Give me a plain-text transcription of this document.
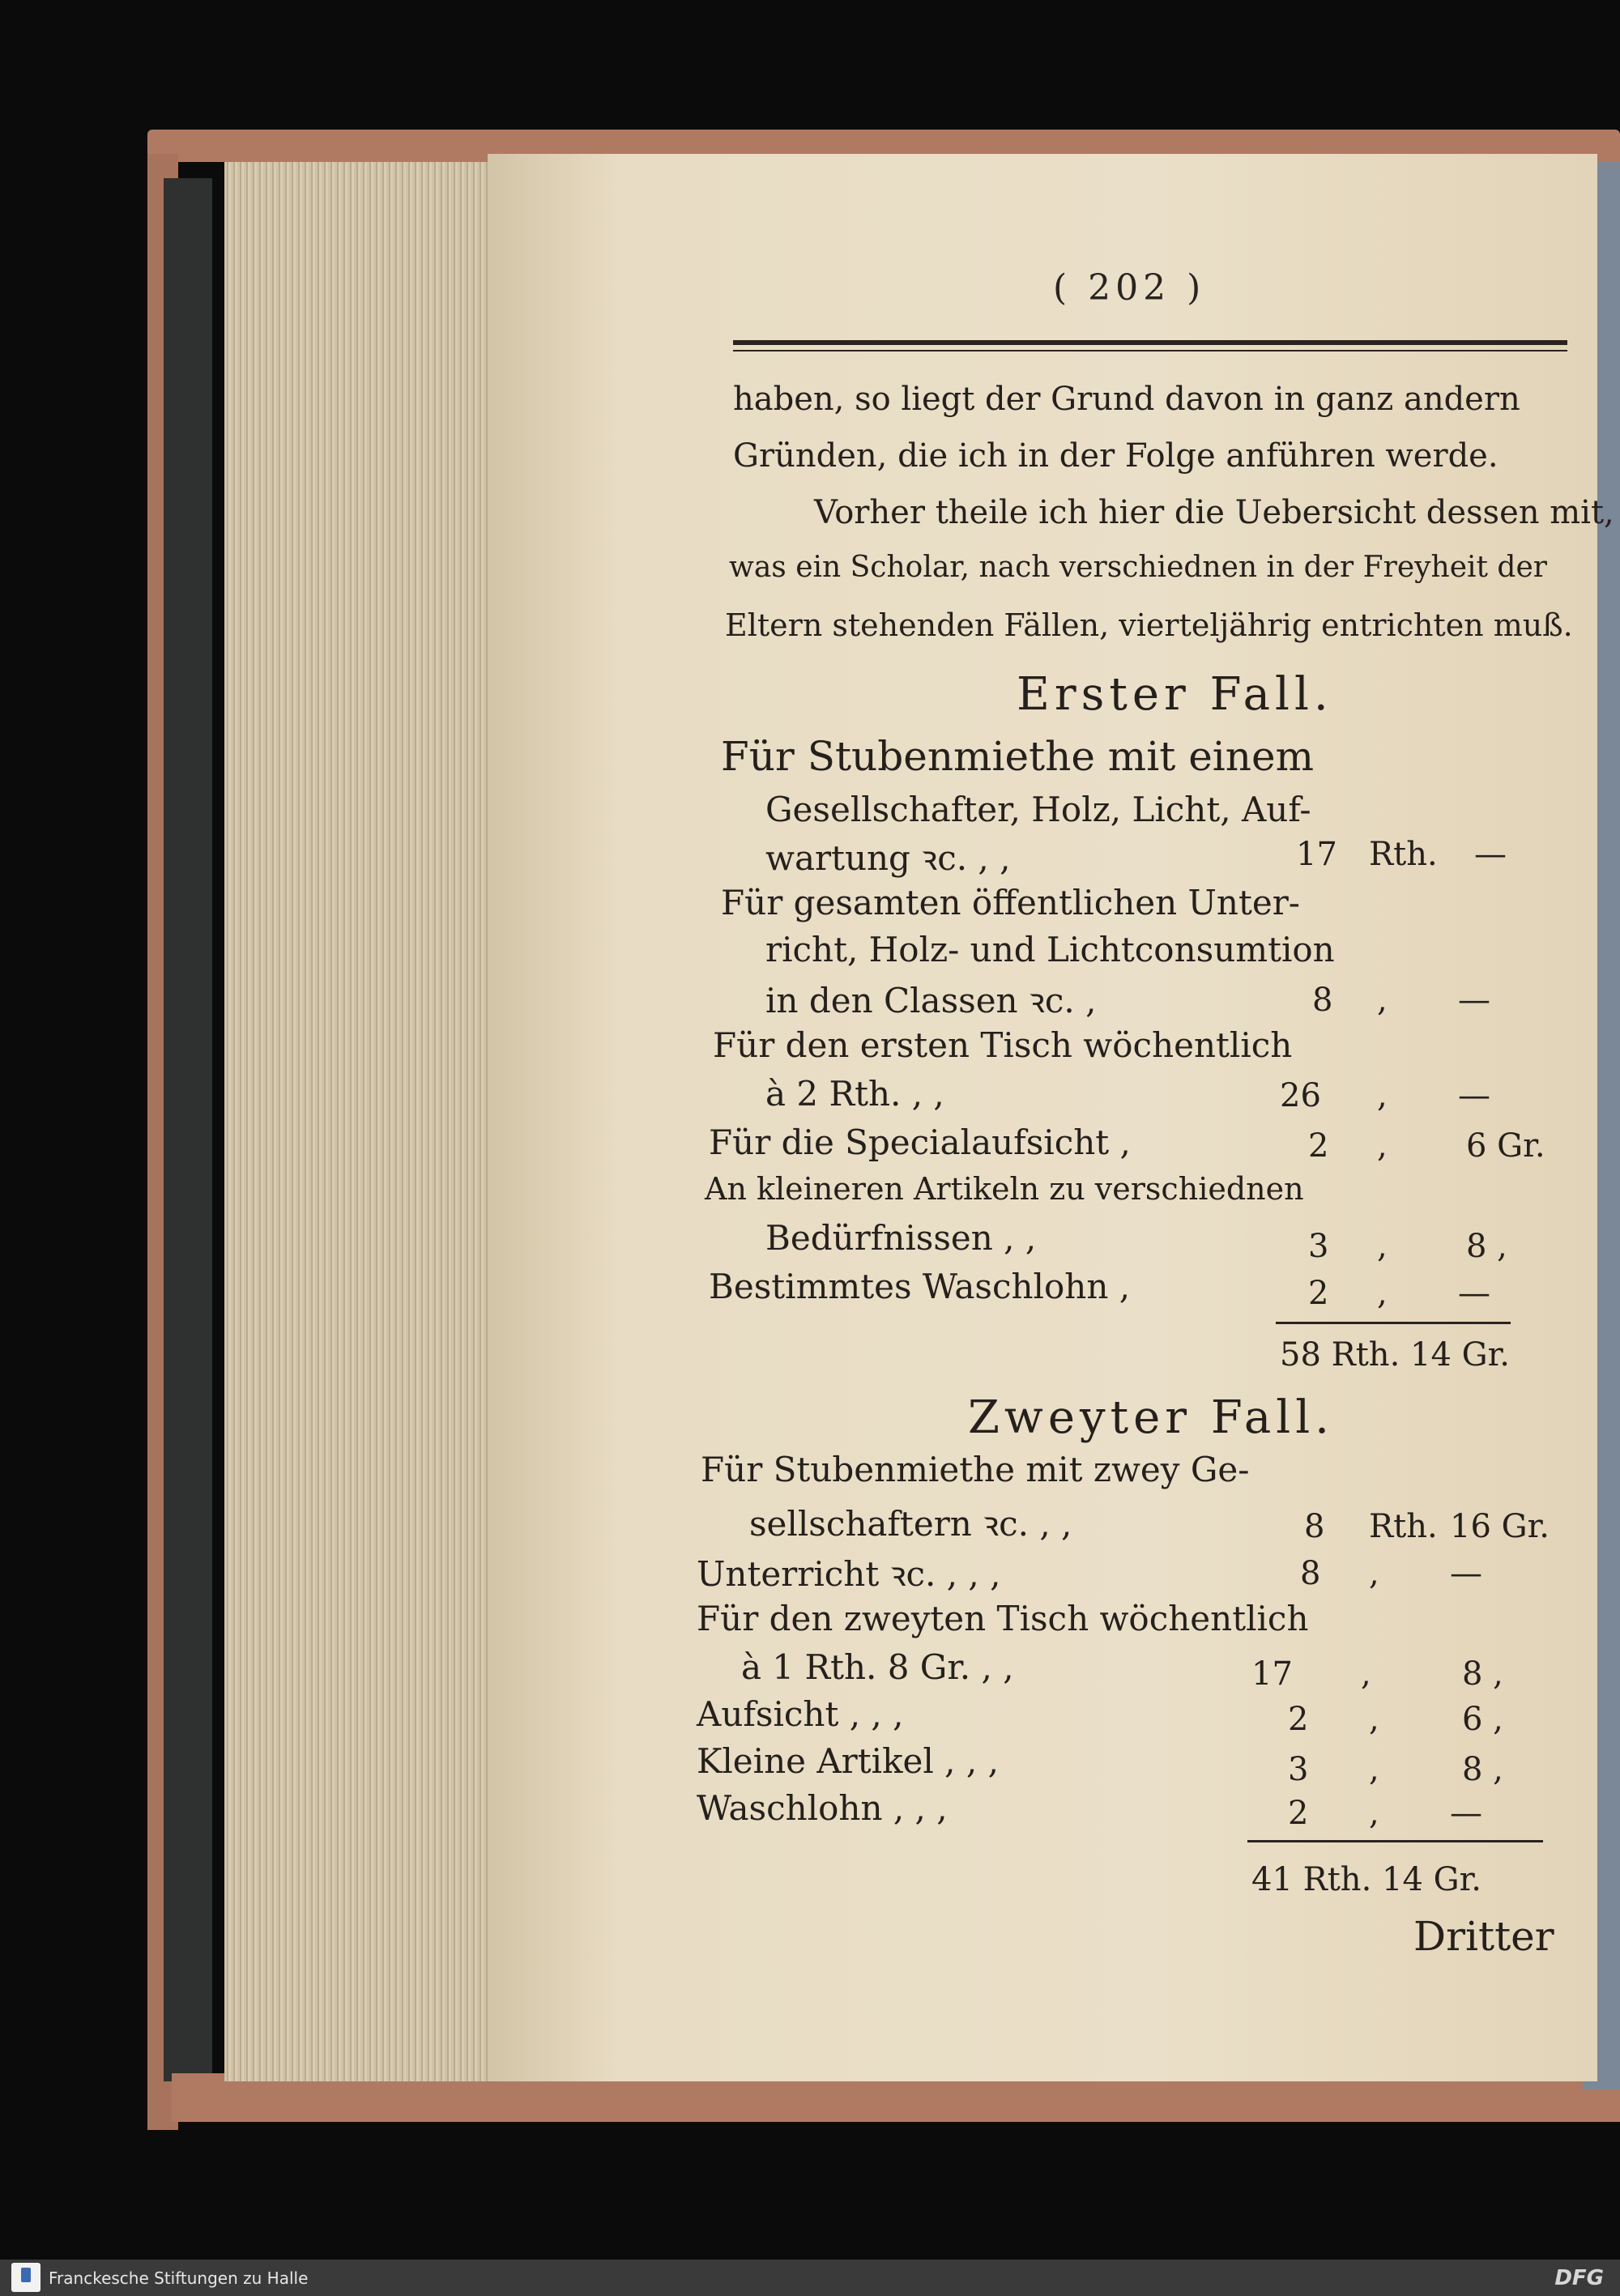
( 202 )
haben, so liegt der Grund davon in ganz andern
Gründen, die ich in der Folge anführen werde.
Vorher theile ich hier die Uebersicht dessen mit,
was ein Scholar, nach verschiednen in der Freyheit der
Eltern stehenden Fällen, vierteljährig entrichten muß.
Erster Fall.
Für Stubenmiethe mit einem
Gesellschafter, Holz, Licht, Auf-
wartung ꝛc. , ,	17 Rth. —
Für gesamten öffentlichen Unter-
richt, Holz- und Lichtconsumtion
in den Classen ꝛc. ,	8 , —
Für den ersten Tisch wöchentlich
à 2 Rth. , ,	26 , —
Für die Specialaufsicht ,	2 , 6 Gr.
An kleineren Artikeln zu verschiednen
Bedürfnissen , ,	3 , 8 ,
Bestimmtes Waschlohn ,	2 , —
58 Rth. 14 Gr.
Zweyter Fall.
Für Stubenmiethe mit zwey Ge-
sellschaftern ꝛc. , ,	8 Rth. 16 Gr.
Unterricht ꝛc. , , ,	8 , —
Für den zweyten Tisch wöchentlich
à 1 Rth. 8 Gr. , ,	17 ,	8 ,
Aufsicht , , ,	2 ,	6 ,
Kleine Artikel , , ,	3 ,	8 ,
Waschlohn , , ,	2 , —
41 Rth. 14 Gr.
Dritter
Franckesche Stiftungen zu Halle	DFG
